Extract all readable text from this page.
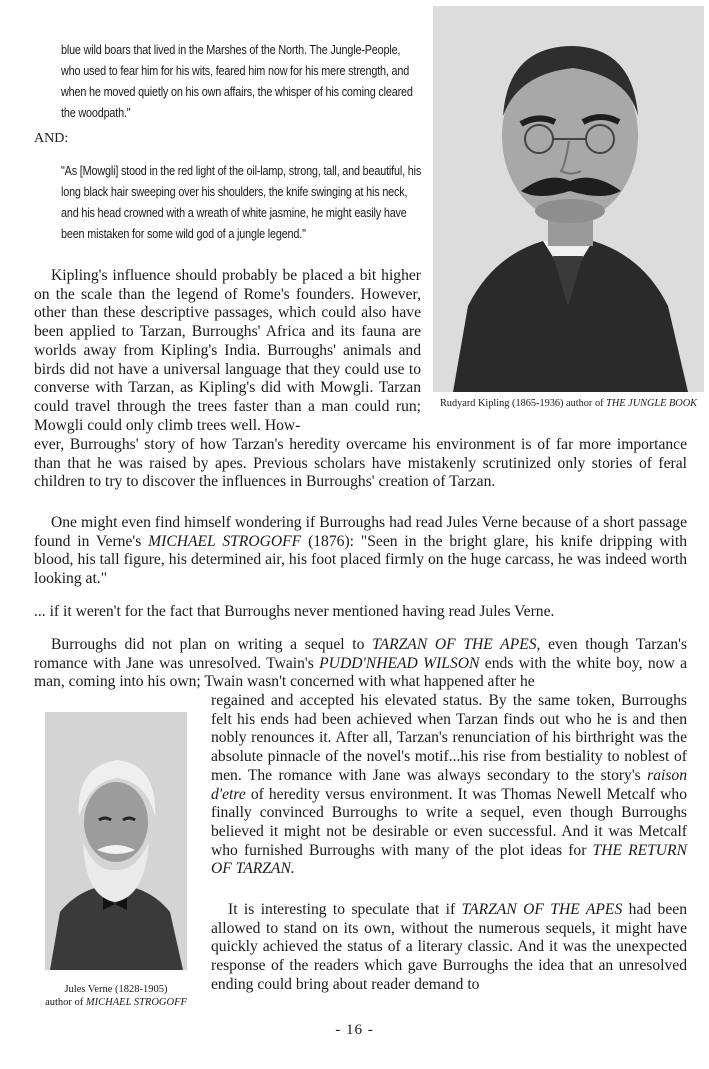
blue wild boars that lived in the Marshes of the North. The Jungle-People, who used to fear him for his wits, feared him now for his mere strength, and when he moved quietly on his own affairs, the whisper of his coming cleared the woodpath."

AND:

"As [Mowgli] stood in the red light of the oil-lamp, strong, tall, and beautiful, his long black hair sweeping over his shoulders, the knife swinging at his neck, and his head crowned with a wreath of white jasmine, he might easily have been mistaken for some wild god of a jungle legend."

Rudyard Kipling (1865-1936) author of THE JUNGLE BOOK

Kipling's influence should probably be placed a bit higher on the scale than the legend of Rome's founders. However, other than these descriptive passages, which could also have been applied to Tarzan, Burroughs' Africa and its fauna are worlds away from Kipling's India. Burroughs' animals and birds did not have a universal language that they could use to converse with Tarzan, as Kipling's did with Mowgli. Tarzan could travel through the trees faster than a man could run; Mowgli could only climb trees well. How-

ever, Burroughs' story of how Tarzan's heredity overcame his environment is of far more importance than that he was raised by apes. Previous scholars have mistakenly scrutinized only stories of feral children to try to discover the influences in Burroughs' creation of Tarzan.

One might even find himself wondering if Burroughs had read Jules Verne because of a short passage found in Verne's MICHAEL STROGOFF (1876): "Seen in the bright glare, his knife dripping with blood, his tall figure, his determined air, his foot placed firmly on the huge carcass, he was indeed worth looking at."

... if it weren't for the fact that Burroughs never mentioned having read Jules Verne.

Burroughs did not plan on writing a sequel to TARZAN OF THE APES, even though Tarzan's romance with Jane was unresolved. Twain's PUDD'NHEAD WILSON ends with the white boy, now a man, coming into his own; Twain wasn't concerned with what happened after he

regained and accepted his elevated status. By the same token, Burroughs felt his ends had been achieved when Tarzan finds out who he is and then nobly renounces it. After all, Tarzan's renunciation of his birthright was the absolute pinnacle of the novel's motif...his rise from bestiality to noblest of men. The romance with Jane was always secondary to the story's raison d'etre of heredity versus environment. It was Thomas Newell Metcalf who finally convinced Burroughs to write a sequel, even though Burroughs believed it might not be desirable or even successful. And it was Metcalf who furnished Burroughs with many of the plot ideas for THE RETURN OF TARZAN.

It is interesting to speculate that if TARZAN OF THE APES had been allowed to stand on its own, without the numerous sequels, it might have quickly achieved the status of a literary classic. And it was the unexpected response of the readers which gave Burroughs the idea that an unresolved ending could bring about reader demand to

Jules Verne (1828-1905)
author of MICHAEL STROGOFF
- 16 -
